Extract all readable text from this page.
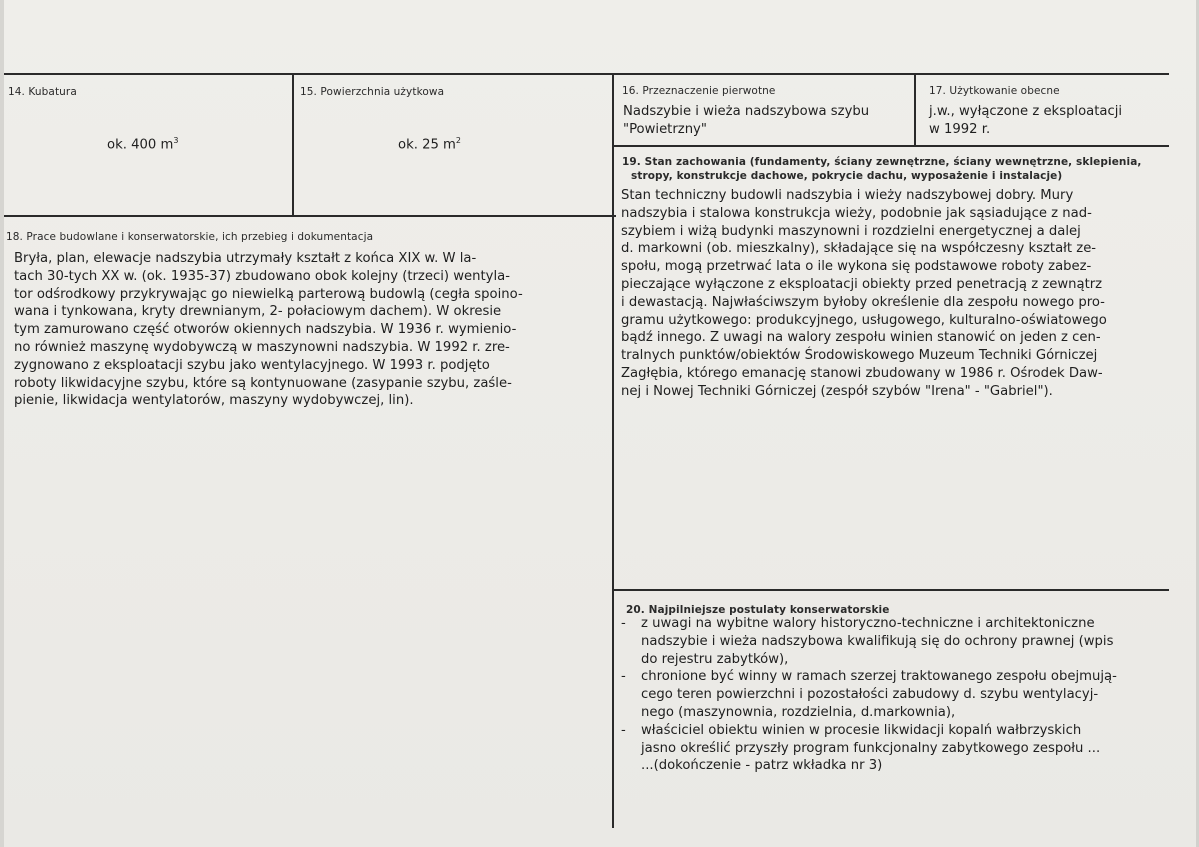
14. Kubatura
ok. 400 $m^3$
15. Powierzchnia użytkowa
ok. 25 $m^2$
16. Przeznaczenie pierwotne
Nadszybie i wieża nadszybowa szybu
"Powietrzny"
17. Użytkowanie obecne
j.w., wyłączone z eksploatacji
w 1992 r.
18. Prace budowlane i konserwatorskie, ich przebieg i dokumentacja
Bryła, plan, elewacje nadszybia utrzymały kształt z końca XIX w. W la-
tach 30-tych XX w. (ok. 1935-37) zbudowano obok kolejny (trzeci) wentyla-
tor odśrodkowy przykrywając go niewielką parterową budowlą (cegła spoino-
wana i tynkowana, kryty drewnianym, 2- połaciowym dachem). W okresie
tym zamurowano część otworów okiennych nadszybia. W 1936 r. wymienio-
no również maszynę wydobywczą w maszynowni nadszybia. W 1992 r. zre-
zygnowano z eksploatacji szybu jako wentylacyjnego. W 1993 r. podjęto
roboty likwidacyjne szybu, które są kontynuowane (zasypanie szybu, zaśle-
pienie, likwidacja wentylatorów, maszyny wydobywczej, lin).
19. Stan zachowania (fundamenty, ściany zewnętrzne, ściany wewnętrzne, sklepienia,
stropy, konstrukcje dachowe, pokrycie dachu, wyposażenie i instalacje)
Stan techniczny budowli nadszybia i wieży nadszybowej dobry. Mury
nadszybia i stalowa konstrukcja wieży, podobnie jak sąsiadujące z nad-
szybiem i wiżą budynki maszynowni i rozdzielni energetycznej a dalej
d. markowni (ob. mieszkalny), składające się na współczesny kształt ze-
społu, mogą przetrwać lata o ile wykona się podstawowe roboty zabez-
pieczające wyłączone z eksploatacji obiekty przed penetracją z zewnątrz
i dewastacją. Najwłaściwszym byłoby określenie dla zespołu nowego pro-
gramu użytkowego: produkcyjnego, usługowego, kulturalno-oświatowego
bądź innego. Z uwagi na walory zespołu winien stanowić on jeden z cen-
tralnych punktów/obiektów Środowiskowego Muzeum Techniki Górniczej
Zagłębia, którego emanację stanowi zbudowany w 1986 r. Ośrodek Daw-
nej i Nowej Techniki Górniczej (zespół szybów "Irena" - "Gabriel").
20. Najpilniejsze postulaty konserwatorskie
- z uwagi na wybitne walory historyczno-techniczne i architektoniczne
nadszybie i wieża nadszybowa kwalifikują się do ochrony prawnej (wpis
do rejestru zabytków),
- chronione być winny w ramach szerzej traktowanego zespołu obejmują-
cego teren powierzchni i pozostałości zabudowy d. szybu wentylacyj-
nego (maszynownia, rozdzielnia, d.markownia),
- właściciel obiektu winien w procesie likwidacji kopalń wałbrzyskich
jasno określić przyszły program funkcjonalny zabytkowego zespołu ...
...(dokończenie - patrz wkładka nr 3)
